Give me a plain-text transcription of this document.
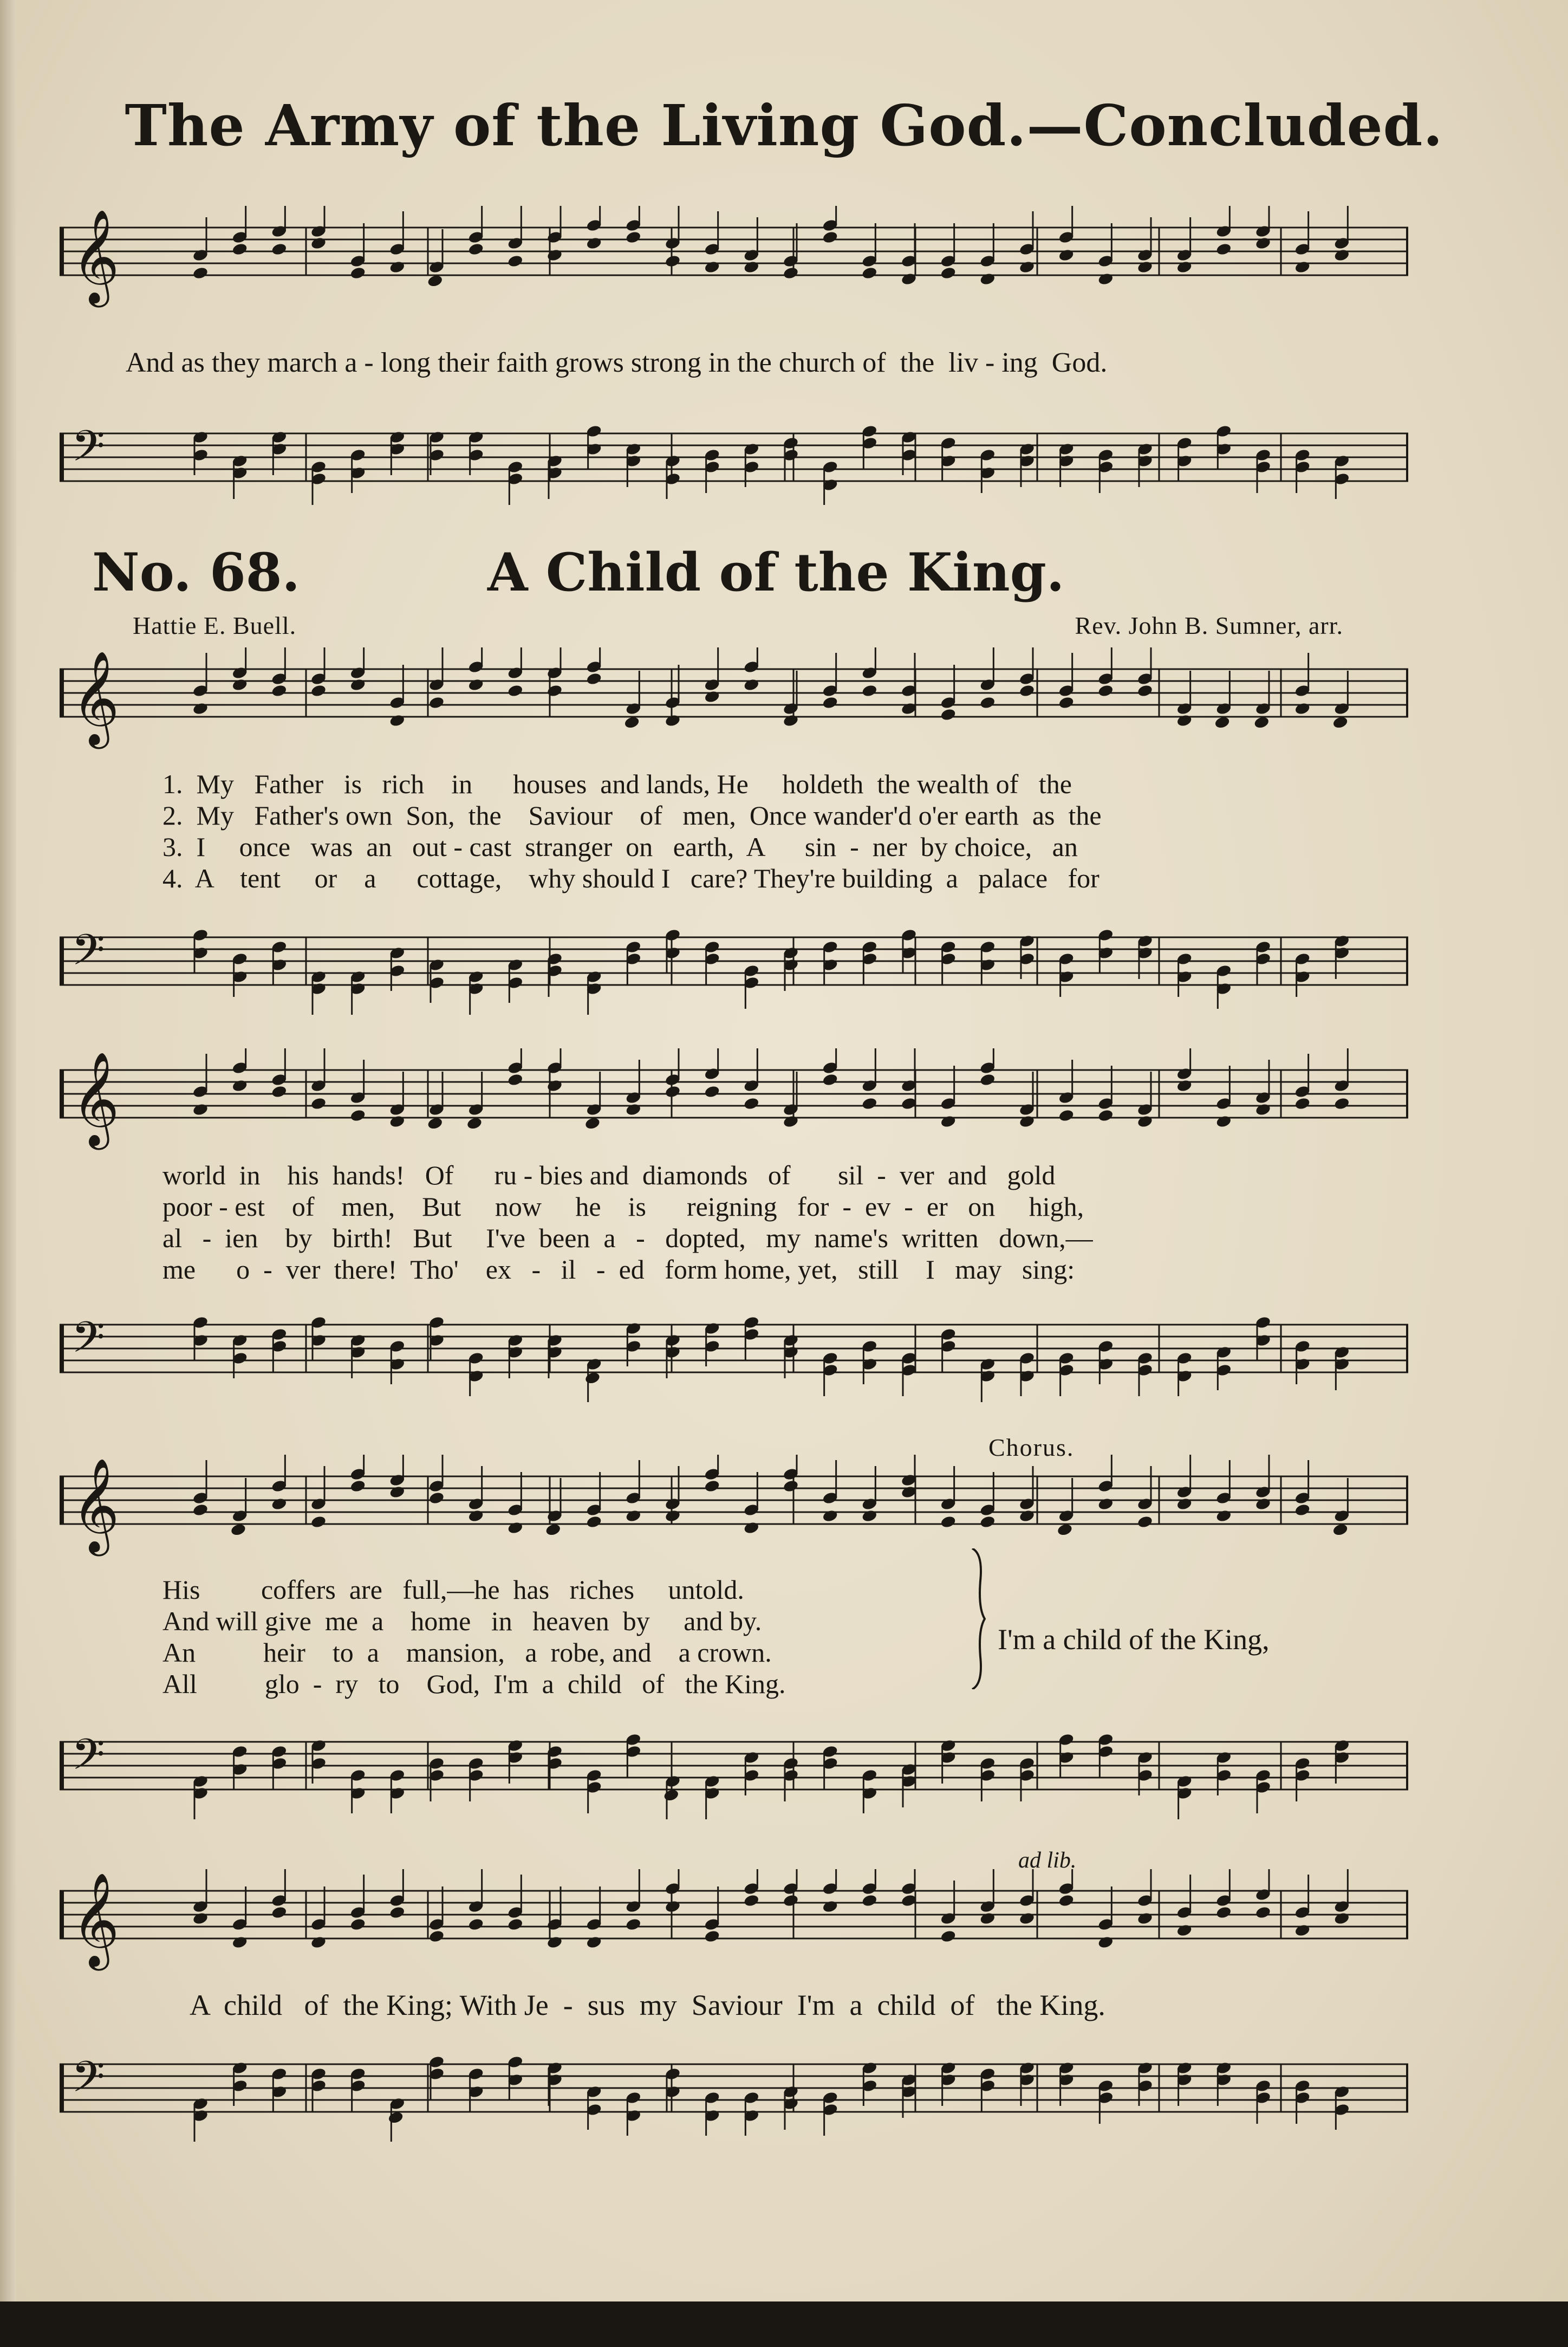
The Army of the Living God.—Concluded.
𝄞
And as they march a - long their faith grows strong in the church of  the  liv - ing  God.
𝄢
No. 68.	A Child of the King.
Hattie E. Buell.	Rev. John B. Sumner, arr.
𝄞
1.  My   Father   is   rich    in      houses  and lands, He     holdeth  the wealth of   the
2.  My   Father's own  Son,  the    Saviour    of   men,  Once wander'd o'er earth  as  the
3.  I     once   was  an   out - cast  stranger  on   earth,  A      sin  -  ner  by choice,   an
4.  A    tent     or    a      cottage,    why should I   care? They're building  a   palace   for
𝄢
𝄞
world  in    his  hands!   Of      ru - bies and  diamonds   of       sil  -  ver  and   gold
poor - est    of    men,    But     now     he    is      reigning   for  -  ev  -  er   on     high,
al   -  ien    by   birth!   But     I've  been  a   -   dopted,   my  name's  written   down,—
me      o  -  ver  there!  Tho'    ex   -   il   -  ed   form home, yet,   still    I   may   sing:
𝄢
Chorus.
𝄞
His         coffers  are   full,—he  has   riches     untold.
And will give  me  a    home   in   heaven  by     and by.
An          heir    to  a    mansion,   a  robe, and    a crown.
All          glo  -  ry   to    God,  I'm  a  child   of   the King.
I'm a child of the King,
𝄢
ad lib.
𝄞
A  child   of  the King; With Je  -  sus  my  Saviour  I'm  a  child  of   the King.
𝄢
